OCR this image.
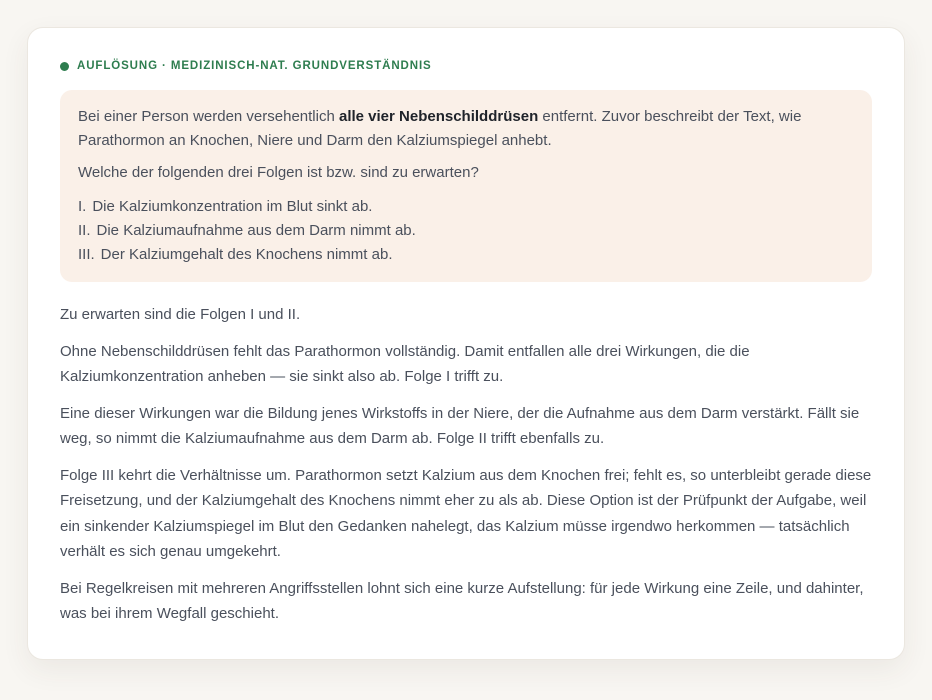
AUFLÖSUNG · MEDIZINISCH-NAT. GRUNDVERSTÄNDNIS

Bei einer Person werden versehentlich alle vier Nebenschilddrüsen entfernt. Zuvor beschreibt der Text, wie Parathormon an Knochen, Niere und Darm den Kalziumspiegel anhebt.

Welche der folgenden drei Folgen ist bzw. sind zu erwarten?

I. Die Kalziumkonzentration im Blut sinkt ab.
II. Die Kalziumaufnahme aus dem Darm nimmt ab.
III. Der Kalziumgehalt des Knochens nimmt ab.

Zu erwarten sind die Folgen I und II.

Ohne Nebenschilddrüsen fehlt das Parathormon vollständig. Damit entfallen alle drei Wirkungen, die die Kalziumkonzentration anheben — sie sinkt also ab. Folge I trifft zu.

Eine dieser Wirkungen war die Bildung jenes Wirkstoffs in der Niere, der die Aufnahme aus dem Darm verstärkt. Fällt sie weg, so nimmt die Kalziumaufnahme aus dem Darm ab. Folge II trifft ebenfalls zu.

Folge III kehrt die Verhältnisse um. Parathormon setzt Kalzium aus dem Knochen frei; fehlt es, so unterbleibt gerade diese Freisetzung, und der Kalziumgehalt des Knochens nimmt eher zu als ab. Diese Option ist der Prüfpunkt der Aufgabe, weil ein sinkender Kalziumspiegel im Blut den Gedanken nahelegt, das Kalzium müsse irgendwo herkommen — tatsächlich verhält es sich genau umgekehrt.

Bei Regelkreisen mit mehreren Angriffsstellen lohnt sich eine kurze Aufstellung: für jede Wirkung eine Zeile, und dahinter, was bei ihrem Wegfall geschieht.
